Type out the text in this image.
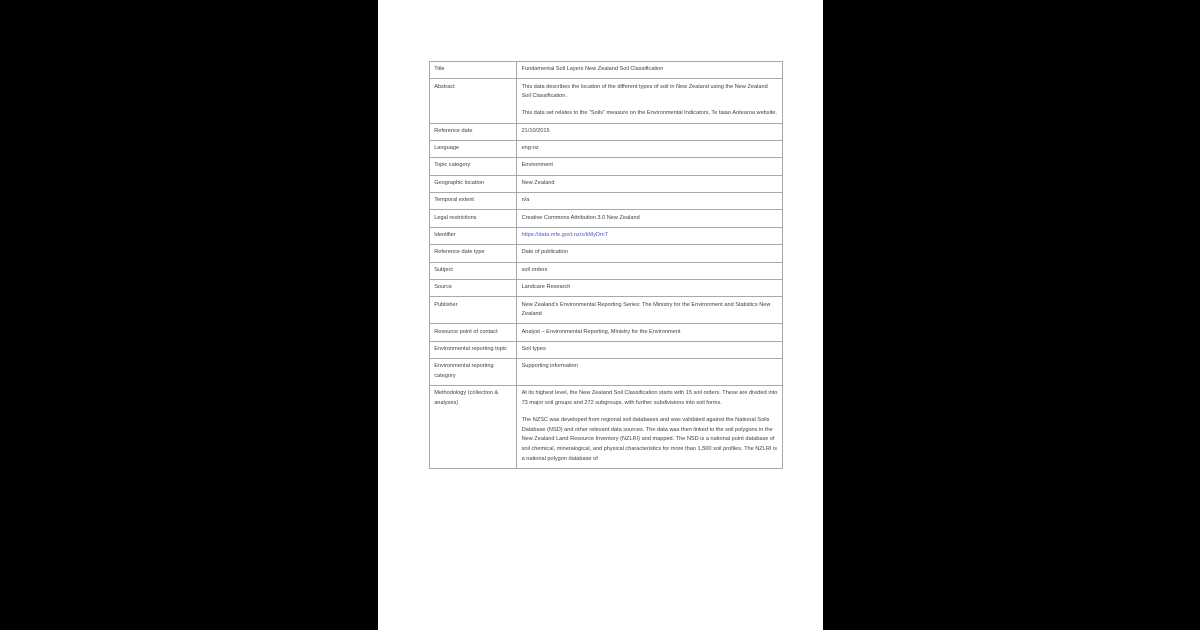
Title	Fundamental Soil Layers New Zealand Soil Classification

Abstract	This data describes the location of the different types of soil in New Zealand using the New Zealand Soil Classification.

This data set relates to the “Soils” measure on the Environmental Indicators, Te taiao Aotearoa website.

Reference date	21/10/2015

Language	eng-nz

Topic category	Environment

Geographic location	New Zealand

Temporal extent	n/a

Legal restrictions	Creative Commons Attribution 3.0 New Zealand

Identifier	https://data.mfe.govt.nz/x/kMyDmT

Reference date type	Date of publication

Subject	soil orders

Source	Landcare Research

Publisher	New Zealand’s Environmental Reporting Series: The Ministry for the Environment and Statistics New Zealand

Resource point of contact	Analyst – Environmental Reporting, Ministry for the Environment

Environmental reporting topic	Soil types

Environmental reporting category	Supporting information

Methodology (collection & analyses)	At its highest level, the New Zealand Soil Classification starts with 15 soil orders. These are divided into 73 major soil groups and 272 subgroups, with further subdivisions into soil forms.

The NZSC was developed from regional soil databases and was validated against the National Soils Database (NSD) and other relevant data sources. The data was then linked to the soil polygons in the New Zealand Land Resource Inventory (NZLRI) and mapped. The NSD is a national point database of soil chemical, mineralogical, and physical characteristics for more than 1,500 soil profiles. The NZLRI is a national polygon database of
